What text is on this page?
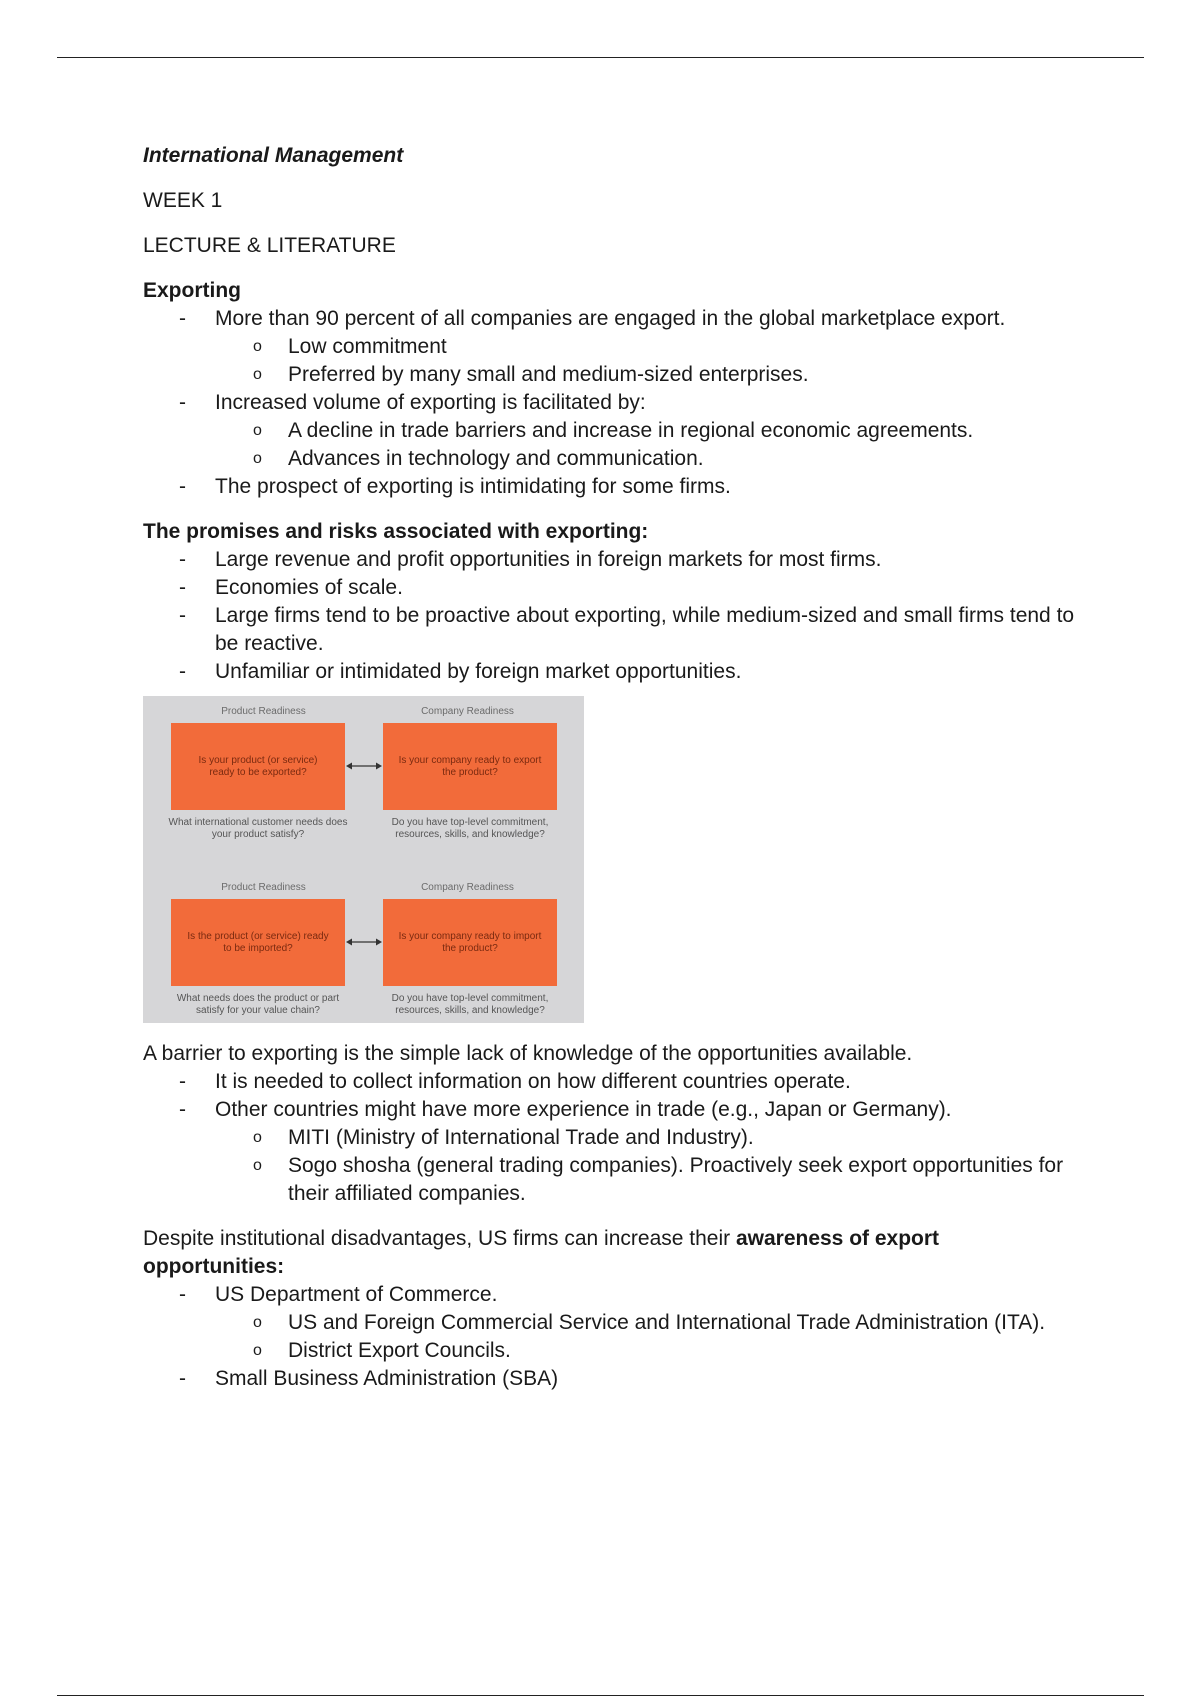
International Management

WEEK 1

LECTURE & LITERATURE

Exporting

- More than 90 percent of all companies are engaged in the global marketplace export.
o Low commitment
o Preferred by many small and medium-sized enterprises.
- Increased volume of exporting is facilitated by:
o A decline in trade barriers and increase in regional economic agreements.
o Advances in technology and communication.
- The prospect of exporting is intimidating for some firms.

The promises and risks associated with exporting:

- Large revenue and profit opportunities in foreign markets for most firms.
- Economies of scale.
- Large firms tend to be proactive about exporting, while medium-sized and small firms tend to be reactive.
- Unfamiliar or intimidated by foreign market opportunities.
Product Readiness	Company Readiness
Is your product (or service) ready to be exported?
Is your company ready to export the product?
What international customer needs does your product satisfy?
Do you have top-level commitment, resources, skills, and knowledge?
Product Readiness	Company Readiness
Is the product (or service) ready to be imported?
Is your company ready to import the product?
What needs does the product or part satisfy for your value chain?
Do you have top-level commitment, resources, skills, and knowledge?

A barrier to exporting is the simple lack of knowledge of the opportunities available.

- It is needed to collect information on how different countries operate.
- Other countries might have more experience in trade (e.g., Japan or Germany).
o MITI (Ministry of International Trade and Industry).
o Sogo shosha (general trading companies). Proactively seek export opportunities for their affiliated companies.

Despite institutional disadvantages, US firms can increase their awareness of export opportunities:

- US Department of Commerce.
o US and Foreign Commercial Service and International Trade Administration (ITA).
o District Export Councils.
- Small Business Administration (SBA)
